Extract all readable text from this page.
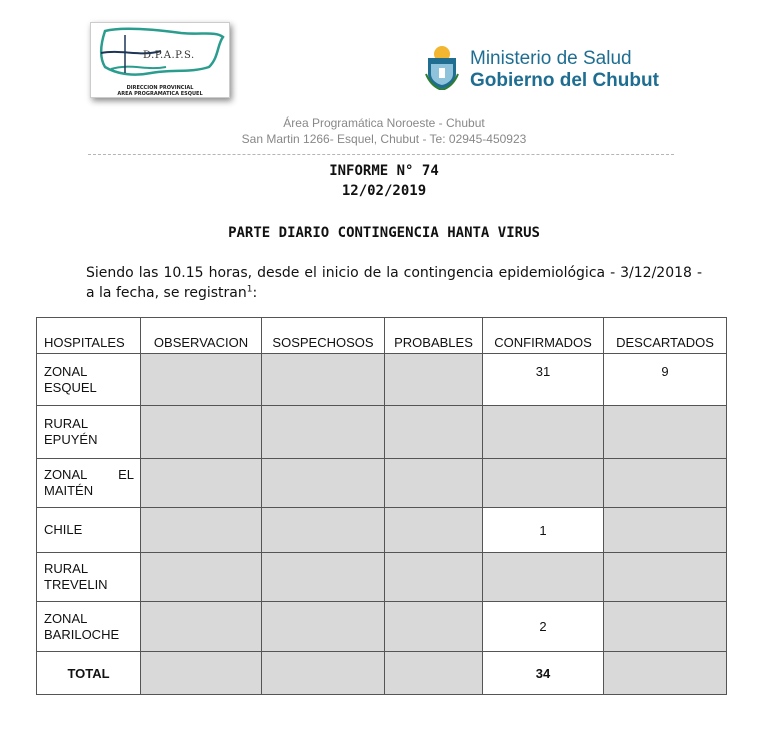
D.P.A.P.S.
DIRECCION PROVINCIAL
AREA PROGRAMATICA ESQUEL
Ministerio de Salud
Gobierno del Chubut
Área Programática Noroeste - Chubut
San Martin 1266- Esquel, Chubut - Te: 02945-450923
INFORME N° 74
12/02/2019
PARTE DIARIO CONTINGENCIA HANTA VIRUS
Siendo las 10.15 horas, desde el inicio de la contingencia epidemiológica - 3/12/2018 - a la fecha, se registran$^1$:
HOSPITALES	OBSERVACION	SOSPECHOSOS	PROBABLES	CONFIRMADOS	DESCARTADOS

ZONAL
ESQUEL				31	9

RURAL
EPUYÉN					

ZONAL EL
MAITÉN					

CHILE				1	

RURAL
TREVELIN					

ZONAL
BARILOCHE				2	
TOTAL				34	
